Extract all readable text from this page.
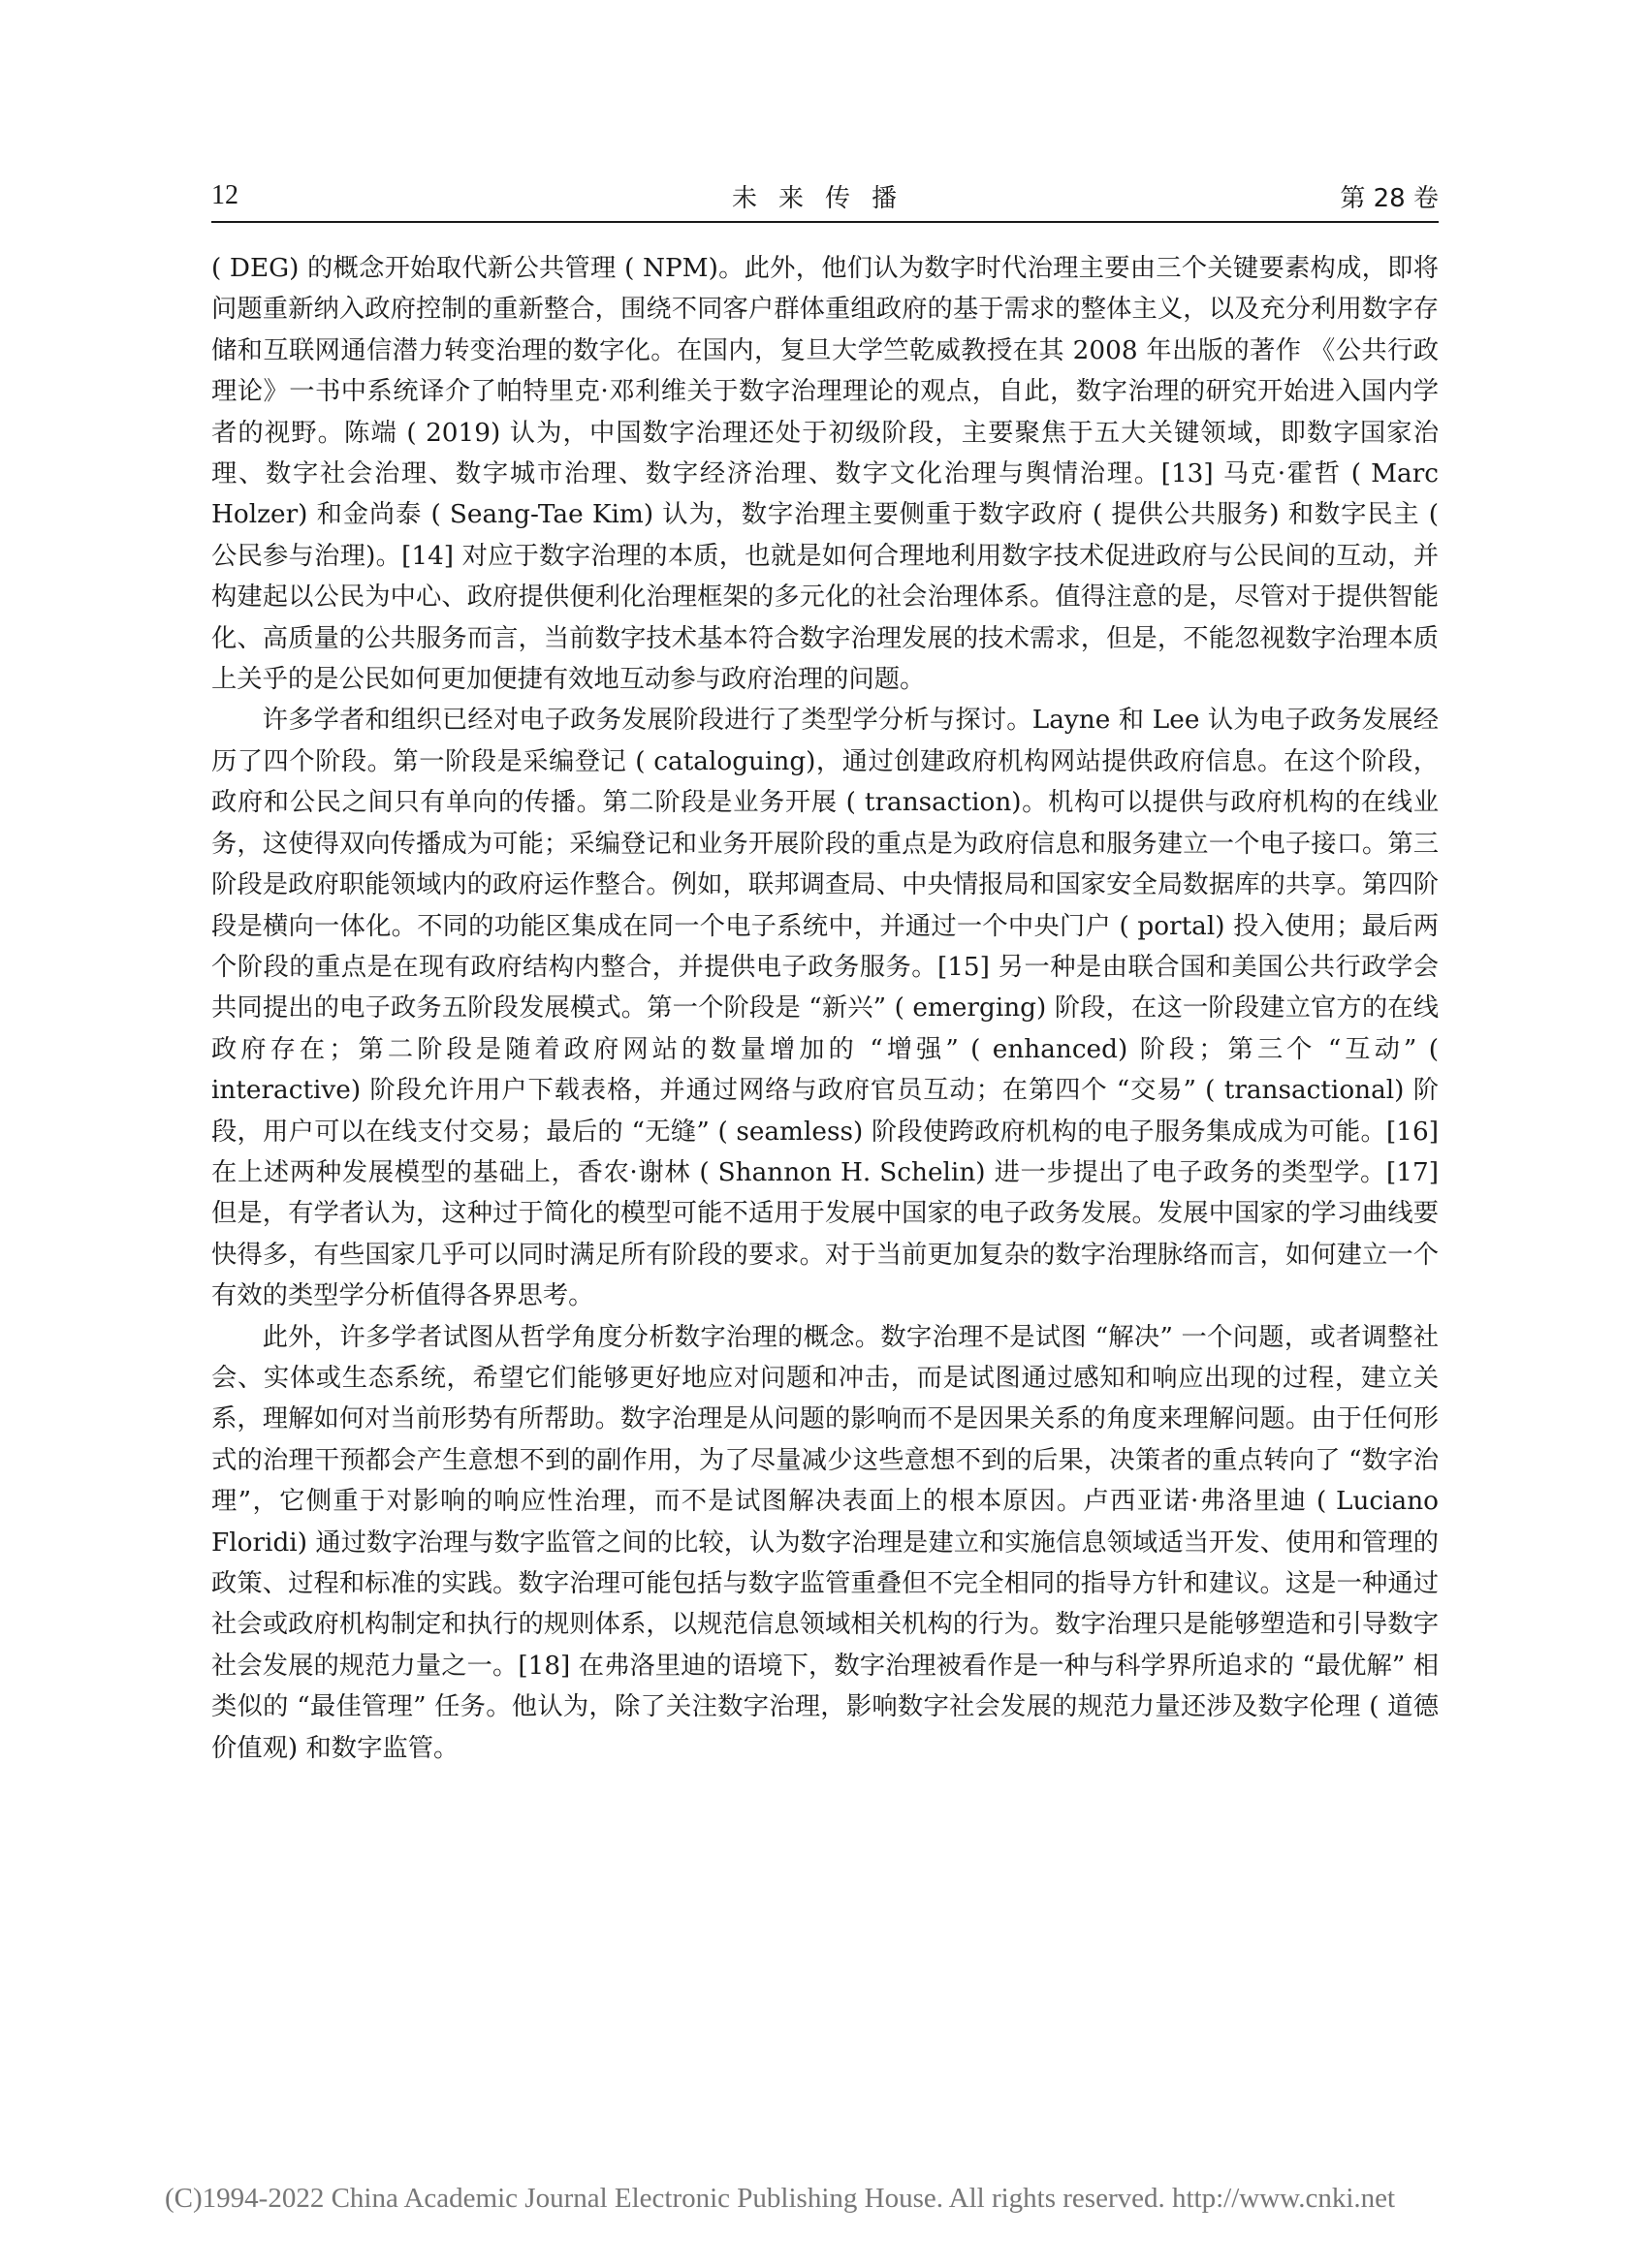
12	未来传播	第 28 卷

( DEG) 的概念开始取代新公共管理 ( NPM)。此外，他们认为数字时代治理主要由三个关键要素构成，即将问题重新纳入政府控制的重新整合，围绕不同客户群体重组政府的基于需求的整体主义，以及充分利用数字存储和互联网通信潜力转变治理的数字化。在国内，复旦大学竺乾威教授在其 2008 年出版的著作 《公共行政理论》一书中系统译介了帕特里克·邓利维关于数字治理理论的观点，自此，数字治理的研究开始进入国内学者的视野。陈端 ( 2019) 认为，中国数字治理还处于初级阶段，主要聚焦于五大关键领域，即数字国家治理、数字社会治理、数字城市治理、数字经济治理、数字文化治理与舆情治理。[13] 马克·霍哲 ( Marc Holzer) 和金尚泰 ( Seang-Tae Kim) 认为，数字治理主要侧重于数字政府 ( 提供公共服务) 和数字民主 ( 公民参与治理)。[14] 对应于数字治理的本质，也就是如何合理地利用数字技术促进政府与公民间的互动，并构建起以公民为中心、政府提供便利化治理框架的多元化的社会治理体系。值得注意的是，尽管对于提供智能化、高质量的公共服务而言，当前数字技术基本符合数字治理发展的技术需求，但是，不能忽视数字治理本质上关乎的是公民如何更加便捷有效地互动参与政府治理的问题。

许多学者和组织已经对电子政务发展阶段进行了类型学分析与探讨。Layne 和 Lee 认为电子政务发展经历了四个阶段。第一阶段是采编登记 ( cataloguing)，通过创建政府机构网站提供政府信息。在这个阶段，政府和公民之间只有单向的传播。第二阶段是业务开展 ( transaction)。机构可以提供与政府机构的在线业务，这使得双向传播成为可能；采编登记和业务开展阶段的重点是为政府信息和服务建立一个电子接口。第三阶段是政府职能领域内的政府运作整合。例如，联邦调查局、中央情报局和国家安全局数据库的共享。第四阶段是横向一体化。不同的功能区集成在同一个电子系统中，并通过一个中央门户 ( portal) 投入使用；最后两个阶段的重点是在现有政府结构内整合，并提供电子政务服务。[15] 另一种是由联合国和美国公共行政学会共同提出的电子政务五阶段发展模式。第一个阶段是 “新兴” ( emerging) 阶段，在这一阶段建立官方的在线政府存在；第二阶段是随着政府网站的数量增加的 “增强” ( enhanced) 阶段；第三个 “互动” ( interactive) 阶段允许用户下载表格，并通过网络与政府官员互动；在第四个 “交易” ( transactional) 阶段，用户可以在线支付交易；最后的 “无缝” ( seamless) 阶段使跨政府机构的电子服务集成成为可能。[16] 在上述两种发展模型的基础上，香农·谢林 ( Shannon H. Schelin) 进一步提出了电子政务的类型学。[17] 但是，有学者认为，这种过于简化的模型可能不适用于发展中国家的电子政务发展。发展中国家的学习曲线要快得多，有些国家几乎可以同时满足所有阶段的要求。对于当前更加复杂的数字治理脉络而言，如何建立一个有效的类型学分析值得各界思考。

此外，许多学者试图从哲学角度分析数字治理的概念。数字治理不是试图 “解决” 一个问题，或者调整社会、实体或生态系统，希望它们能够更好地应对问题和冲击，而是试图通过感知和响应出现的过程，建立关系，理解如何对当前形势有所帮助。数字治理是从问题的影响而不是因果关系的角度来理解问题。由于任何形式的治理干预都会产生意想不到的副作用，为了尽量减少这些意想不到的后果，决策者的重点转向了 “数字治理”，它侧重于对影响的响应性治理，而不是试图解决表面上的根本原因。卢西亚诺·弗洛里迪 ( Luciano Floridi) 通过数字治理与数字监管之间的比较，认为数字治理是建立和实施信息领域适当开发、使用和管理的政策、过程和标准的实践。数字治理可能包括与数字监管重叠但不完全相同的指导方针和建议。这是一种通过社会或政府机构制定和执行的规则体系，以规范信息领域相关机构的行为。数字治理只是能够塑造和引导数字社会发展的规范力量之一。[18] 在弗洛里迪的语境下，数字治理被看作是一种与科学界所追求的 “最优解” 相类似的 “最佳管理” 任务。他认为，除了关注数字治理，影响数字社会发展的规范力量还涉及数字伦理 ( 道德价值观) 和数字监管。

(C)1994-2022 China Academic Journal Electronic Publishing House. All rights reserved. http://www.cnki.net
